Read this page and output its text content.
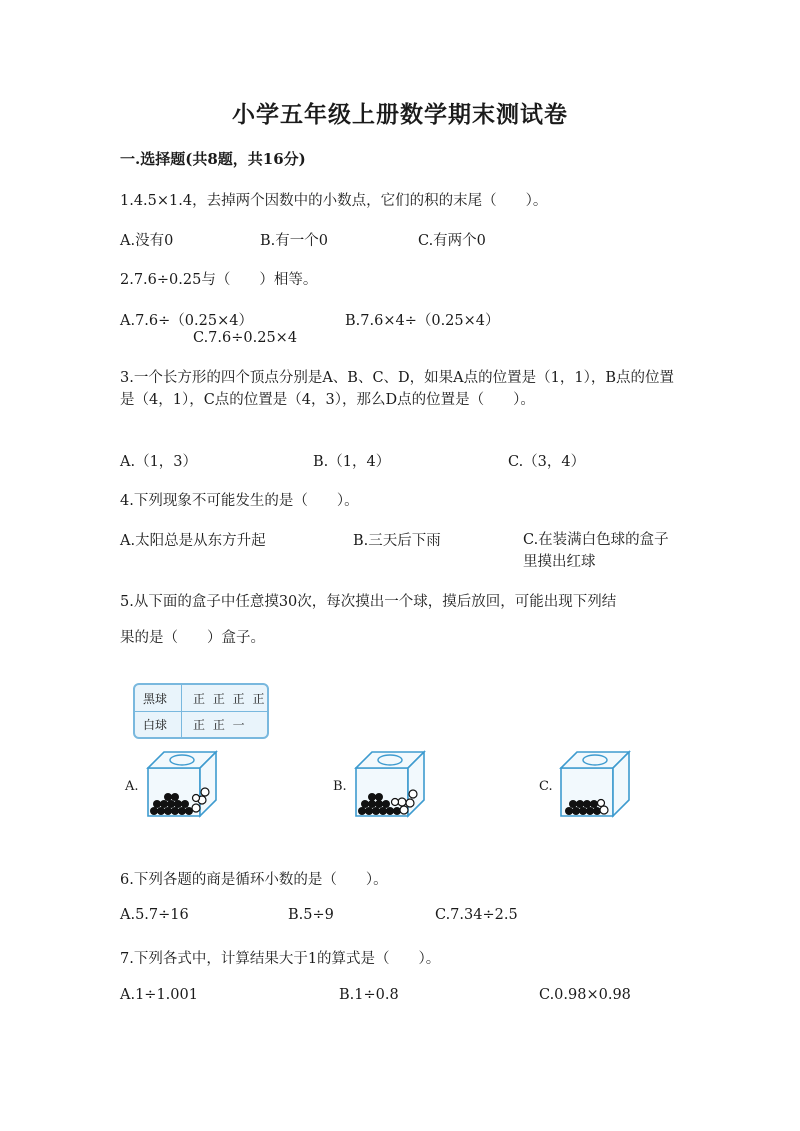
小学五年级上册数学期末测试卷
一.选择题(共8题，共16分)
1.4.5×1.4，去掉两个因数中的小数点，它们的积的末尾（　　）。
A.没有0	B.有一个0	C.有两个0
2.7.6÷0.25与（　　）相等。
A.7.6÷（0.25×4）	B.7.6×4÷（0.25×4）
C.7.6÷0.25×4
3.一个长方形的四个顶点分别是A、B、C、D，如果A点的位置是（1，1），B点的位置是（4，1），C点的位置是（4，3），那么D点的位置是（　　）。
A.（1，3）	B.（1，4）	C.（3，4）
4.下列现象不可能发生的是（　　）。
A.太阳总是从东方升起	B.三天后下雨	C.在装满白色球的盒子里摸出红球
5.从下面的盒子中任意摸30次，每次摸出一个球，摸后放回，可能出现下列结
果的是（　　）盒子。
黑球 正 正 正 正
白球 正 正 一
A.	B.	C.
6.下列各题的商是循环小数的是（　　）。
A.5.7÷16	B.5÷9	C.7.34÷2.5
7.下列各式中，计算结果大于1的算式是（　　）。
A.1÷1.001	B.1÷0.8	C.0.98×0.98
